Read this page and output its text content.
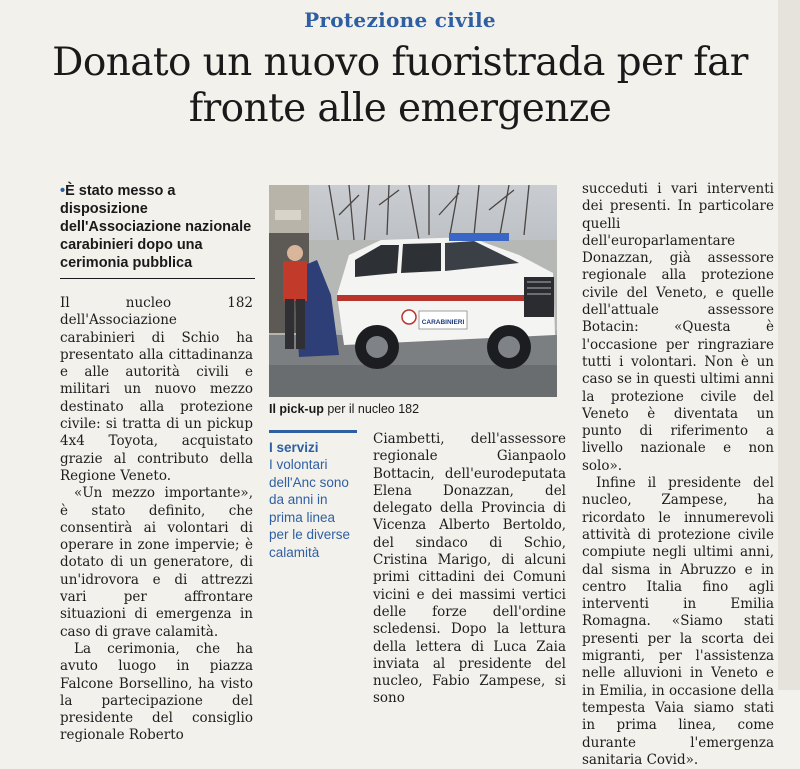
Protezione civile
Donato un nuovo fuoristrada per far fronte alle emergenze
•È stato messo a disposizione dell'Associazione nazionale carabinieri dopo una cerimonia pubblica

Il nucleo 182 dell'Associazione carabinieri di Schio ha presentato alla cittadinanza e alle autorità civili e militari un nuovo mezzo destinato alla protezione civile: si tratta di un pickup 4x4 Toyota, acquistato grazie al contributo della Regione Veneto.

«Un mezzo importante», è stato definito, che consentirà ai volontari di operare in zone impervie; è dotato di un generatore, di un'idrovora e di attrezzi vari per affrontare situazioni di emergenza in caso di grave calamità.

La cerimonia, che ha avuto luogo in piazza Falcone Borsellino, ha visto la partecipazione del presidente del consiglio regionale Roberto

CARABINIERI
Il pick-up per il nucleo 182
I servizi
I volontari dell'Anc sono da anni in prima linea per le diverse calamità

Ciambetti, dell'assessore regionale Gianpaolo Bottacin, dell'eurodeputata Elena Donazzan, del delegato della Provincia di Vicenza Alberto Bertoldo, del sindaco di Schio, Cristina Marigo, di alcuni primi cittadini dei Comuni vicini e dei massimi vertici delle forze dell'ordine scledensi. Dopo la lettura della lettera di Luca Zaia inviata al presidente del nucleo, Fabio Zampese, si sono

succeduti i vari interventi dei presenti. In particolare quelli dell'europarlamentare Donazzan, già assessore regionale alla protezione civile del Veneto, e quelle dell'attuale assessore Botacin: «Questa è l'occasione per ringraziare tutti i volontari. Non è un caso se in questi ultimi anni la protezione civile del Veneto è diventata un punto di riferimento a livello nazionale e non solo».

Infine il presidente del nucleo, Zampese, ha ricordato le innumerevoli attività di protezione civile compiute negli ultimi anni, dal sisma in Abruzzo e in centro Italia fino agli interventi in Emilia Romagna. «Siamo stati presenti per la scorta dei migranti, per l'assistenza nelle alluvioni in Veneto e in Emilia, in occasione della tempesta Vaia siamo stati in prima linea, come durante l'emergenza sanitaria Covid».
